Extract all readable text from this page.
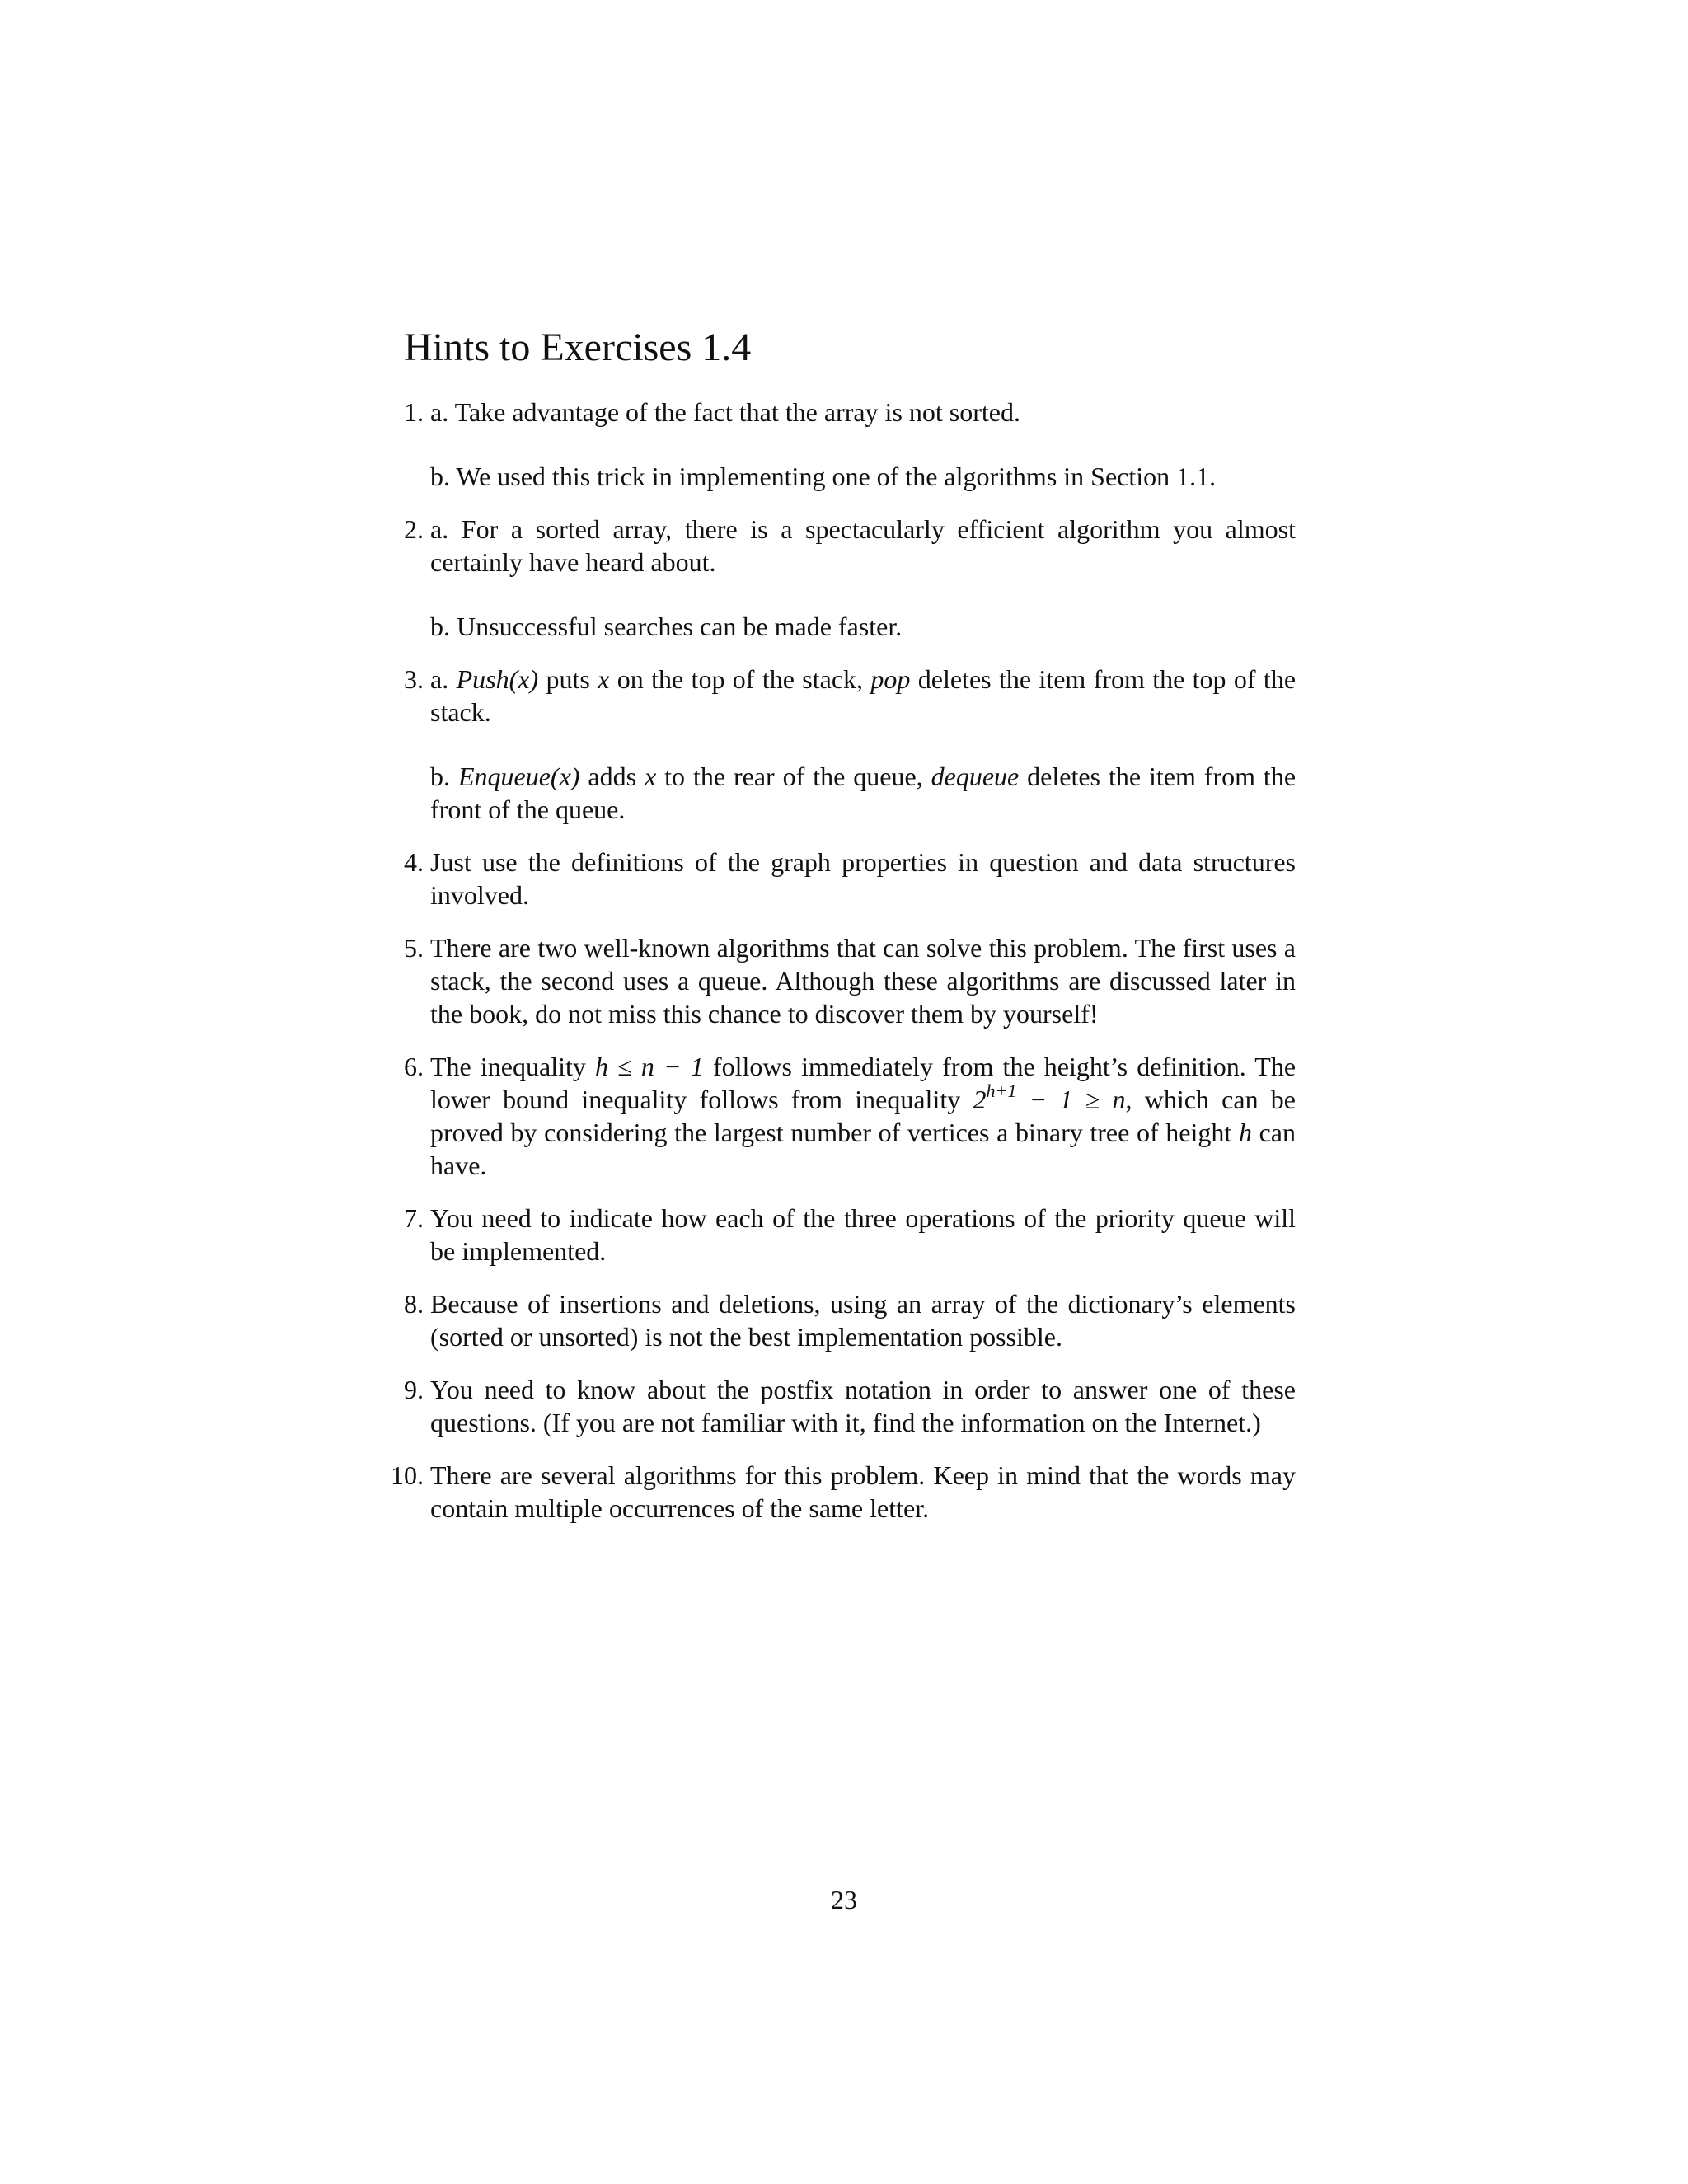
Hints to Exercises 1.4
1. a. Take advantage of the fact that the array is not sorted.

b. We used this trick in implementing one of the algorithms in Section 1.1.

2. a. For a sorted array, there is a spectacularly efficient algorithm you almost certainly have heard about.

b. Unsuccessful searches can be made faster.

3. a. Push(x) puts x on the top of the stack, pop deletes the item from the top of the stack.

b. Enqueue(x) adds x to the rear of the queue, dequeue deletes the item from the front of the queue.

4. Just use the definitions of the graph properties in question and data structures involved.

5. There are two well-known algorithms that can solve this problem. The first uses a stack, the second uses a queue. Although these algorithms are discussed later in the book, do not miss this chance to discover them by yourself!

6. The inequality h ≤ n − 1 follows immediately from the height’s definition. The lower bound inequality follows from inequality $2^{h+1} - 1 \ge n$, which can be proved by considering the largest number of vertices a binary tree of height h can have.

7. You need to indicate how each of the three operations of the priority queue will be implemented.

8. Because of insertions and deletions, using an array of the dictionary’s elements (sorted or unsorted) is not the best implementation possible.

9. You need to know about the postfix notation in order to answer one of these questions. (If you are not familiar with it, find the information on the Internet.)

10. There are several algorithms for this problem. Keep in mind that the words may contain multiple occurrences of the same letter.

23
